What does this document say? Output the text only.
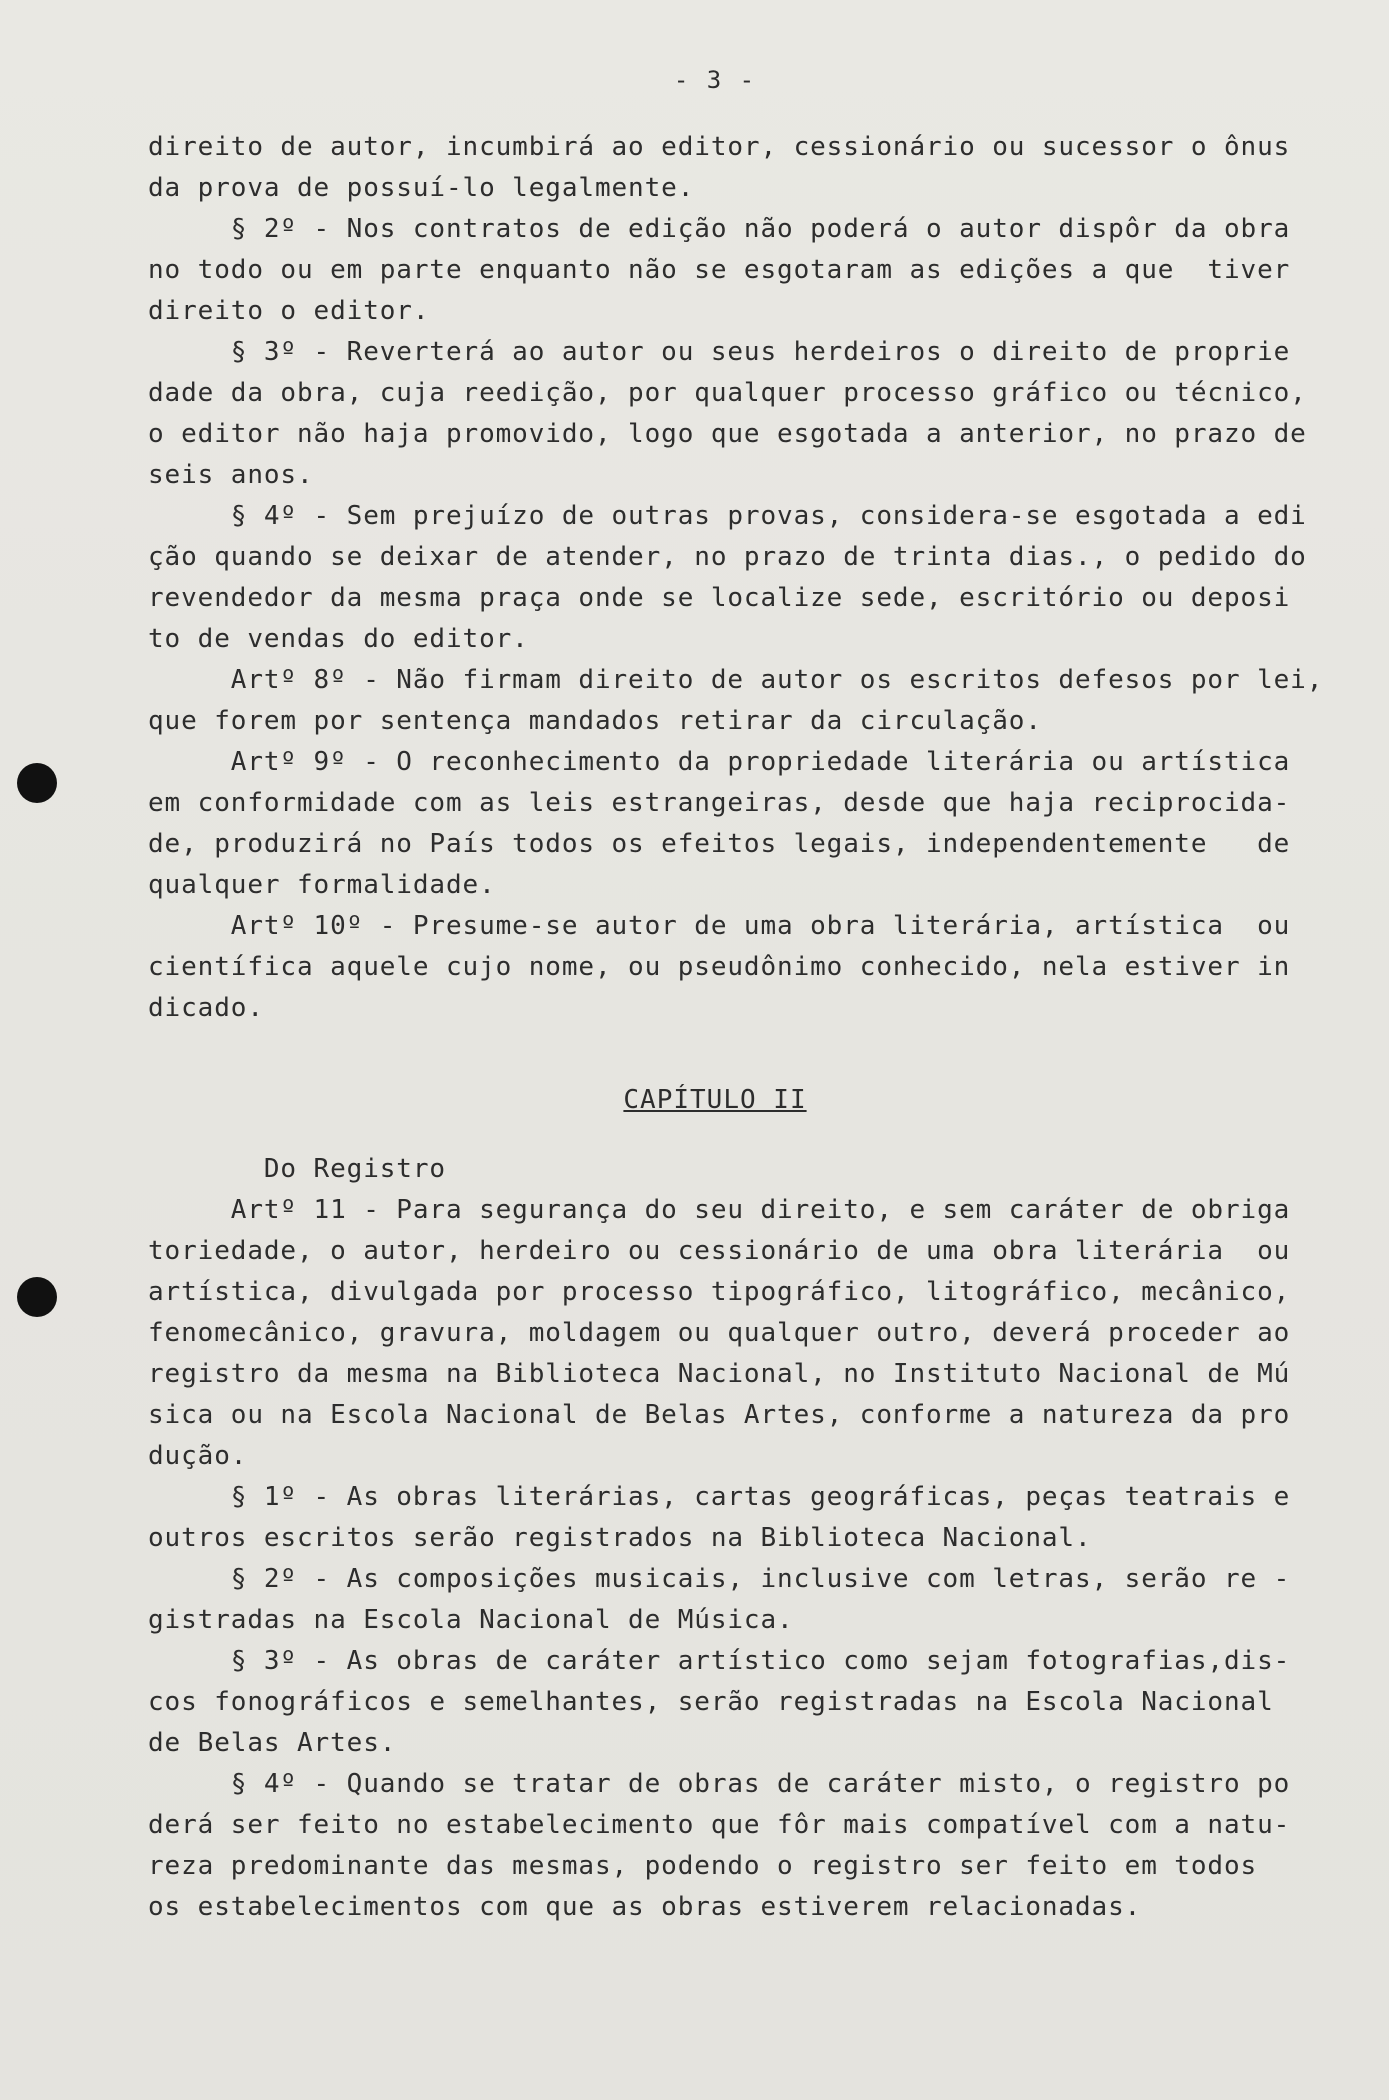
- 3 -
direito de autor, incumbirá ao editor, cessionário ou sucessor o ônus
da prova de possuí-lo legalmente.
§ 2º - Nos contratos de edição não poderá o autor dispôr da obra
no todo ou em parte enquanto não se esgotaram as edições a que  tiver
direito o editor.
§ 3º - Reverterá ao autor ou seus herdeiros o direito de proprie
dade da obra, cuja reedição, por qualquer processo gráfico ou técnico,
o editor não haja promovido, logo que esgotada a anterior, no prazo de
seis anos.
§ 4º - Sem prejuízo de outras provas, considera-se esgotada a edi
ção quando se deixar de atender, no prazo de trinta dias., o pedido do
revendedor da mesma praça onde se localize sede, escritório ou deposi
to de vendas do editor.
Artº 8º - Não firmam direito de autor os escritos defesos por lei,
que forem por sentença mandados retirar da circulação.
Artº 9º - O reconhecimento da propriedade literária ou artística
em conformidade com as leis estrangeiras, desde que haja reciprocida-
de, produzirá no País todos os efeitos legais, independentemente   de
qualquer formalidade.
Artº 10º - Presume-se autor de uma obra literária, artística  ou
científica aquele cujo nome, ou pseudônimo conhecido, nela estiver in
dicado.
CAPÍTULO II
Do Registro
Artº 11 - Para segurança do seu direito, e sem caráter de obriga
toriedade, o autor, herdeiro ou cessionário de uma obra literária  ou
artística, divulgada por processo tipográfico, litográfico, mecânico,
fenomecânico, gravura, moldagem ou qualquer outro, deverá proceder ao
registro da mesma na Biblioteca Nacional, no Instituto Nacional de Mú
sica ou na Escola Nacional de Belas Artes, conforme a natureza da pro
dução.
§ 1º - As obras literárias, cartas geográficas, peças teatrais e
outros escritos serão registrados na Biblioteca Nacional.
§ 2º - As composições musicais, inclusive com letras, serão re -
gistradas na Escola Nacional de Música.
§ 3º - As obras de caráter artístico como sejam fotografias,dis-
cos fonográficos e semelhantes, serão registradas na Escola Nacional
de Belas Artes.
§ 4º - Quando se tratar de obras de caráter misto, o registro po
derá ser feito no estabelecimento que fôr mais compatível com a natu-
reza predominante das mesmas, podendo o registro ser feito em todos
os estabelecimentos com que as obras estiverem relacionadas.
